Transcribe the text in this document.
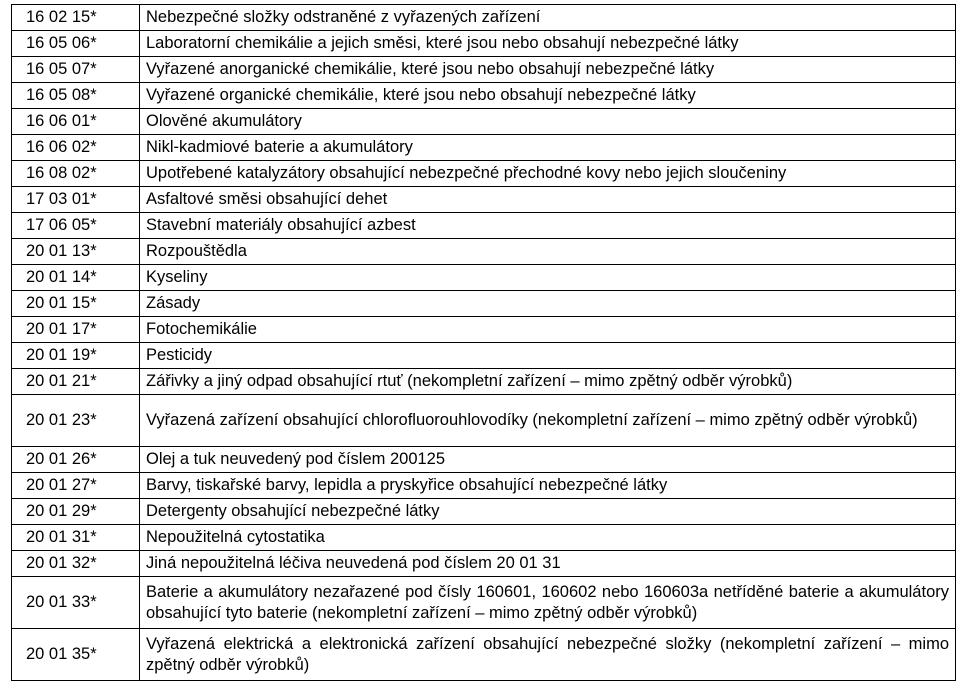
16 02 15*	Nebezpečné složky odstraněné z vyřazených zařízení
16 05 06*	Laboratorní chemikálie a jejich směsi, které jsou nebo obsahují nebezpečné látky
16 05 07*	Vyřazené anorganické chemikálie, které jsou nebo obsahují nebezpečné látky
16 05 08*	Vyřazené organické chemikálie, které jsou nebo obsahují nebezpečné látky
16 06 01*	Olověné akumulátory
16 06 02*	Nikl-kadmiové baterie a akumulátory
16 08 02*	Upotřebené katalyzátory obsahující nebezpečné přechodné kovy nebo jejich sloučeniny
17 03 01*	Asfaltové směsi obsahující dehet
17 06 05*	Stavební materiály obsahující azbest
20 01 13*	Rozpouštědla
20 01 14*	Kyseliny
20 01 15*	Zásady
20 01 17*	Fotochemikálie
20 01 19*	Pesticidy
20 01 21*	Zářivky a jiný odpad obsahující rtuť (nekompletní zařízení – mimo zpětný odběr výrobků)
20 01 23*	Vyřazená zařízení obsahující chlorofluorouhlovodíky (nekompletní zařízení – mimo zpětný odběr výrobků)
20 01 26*	Olej a tuk neuvedený pod číslem 200125
20 01 27*	Barvy, tiskařské barvy, lepidla a pryskyřice obsahující nebezpečné látky
20 01 29*	Detergenty obsahující nebezpečné látky
20 01 31*	Nepoužitelná cytostatika
20 01 32*	Jiná nepoužitelná léčiva neuvedená pod číslem 20 01 31
20 01 33*	Baterie a akumulátory nezařazené pod čísly 160601, 160602 nebo 160603a netříděné baterie a akumulátory obsahující tyto baterie (nekompletní zařízení – mimo zpětný odběr výrobků)
20 01 35*	Vyřazená elektrická a elektronická zařízení obsahující nebezpečné složky (nekompletní zařízení – mimo zpětný odběr výrobků)
